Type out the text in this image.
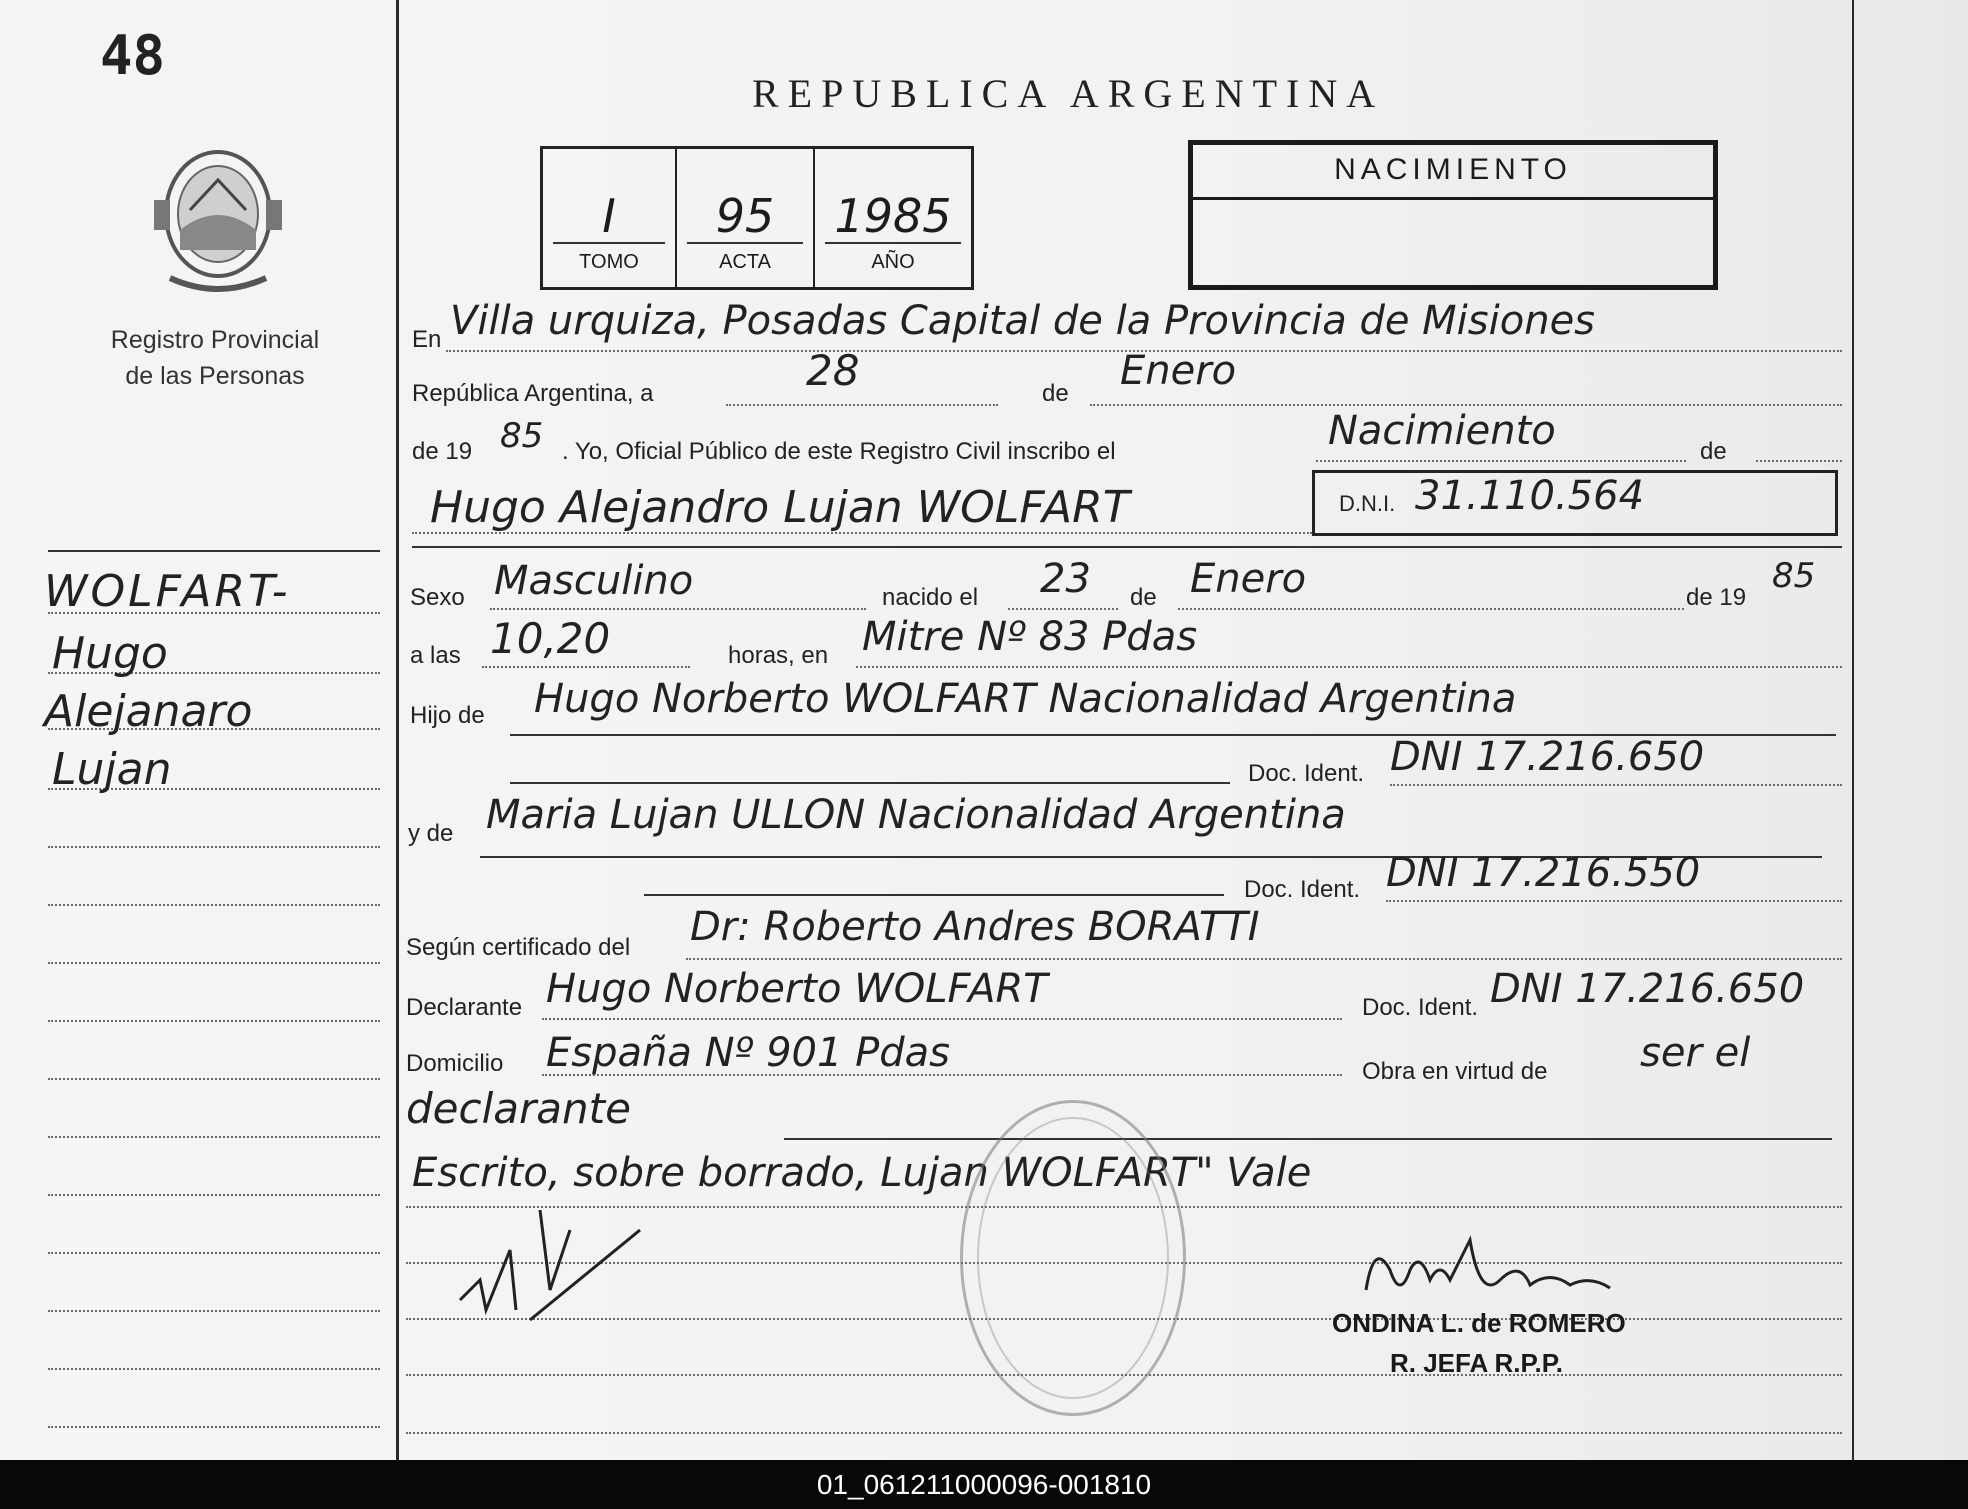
48
Registro Provincial
de las Personas
WOLFART-
Hugo
Alejanaro
Lujan
REPUBLICA ARGENTINA
I
TOMO
95
ACTA
1985
AÑO
NACIMIENTO
En Villa urquiza, Posadas Capital de la Provincia de Misiones
República Argentina, a	28	de Enero
de 19 85 . Yo, Oficial Público de este Registro Civil inscribo el	Nacimiento	de
Hugo Alejandro Lujan WOLFART	D.N.I. 31.110.564
Sexo Masculino	nacido el 23 de Enero	de 19
85
a las 10,20	horas, en Mitre Nº 83 Pdas
Hijo de Hugo Norberto WOLFART Nacionalidad Argentina
Doc. Ident. DNI 17.216.650
y de Maria Lujan ULLON Nacionalidad Argentina
Doc. Ident. DNI 17.216.550
Según certificado del Dr: Roberto Andres BORATTI
Declarante Hugo Norberto WOLFART	Doc. Ident. DNI 17.216.650
Domicilio España Nº 901 Pdas	Obra en virtud de ser el
declarante
Escrito, sobre borrado, Lujan WOLFART" Vale
ONDINA L. de ROMERO
R. JEFA R.P.P.
01_061211000096-001810
